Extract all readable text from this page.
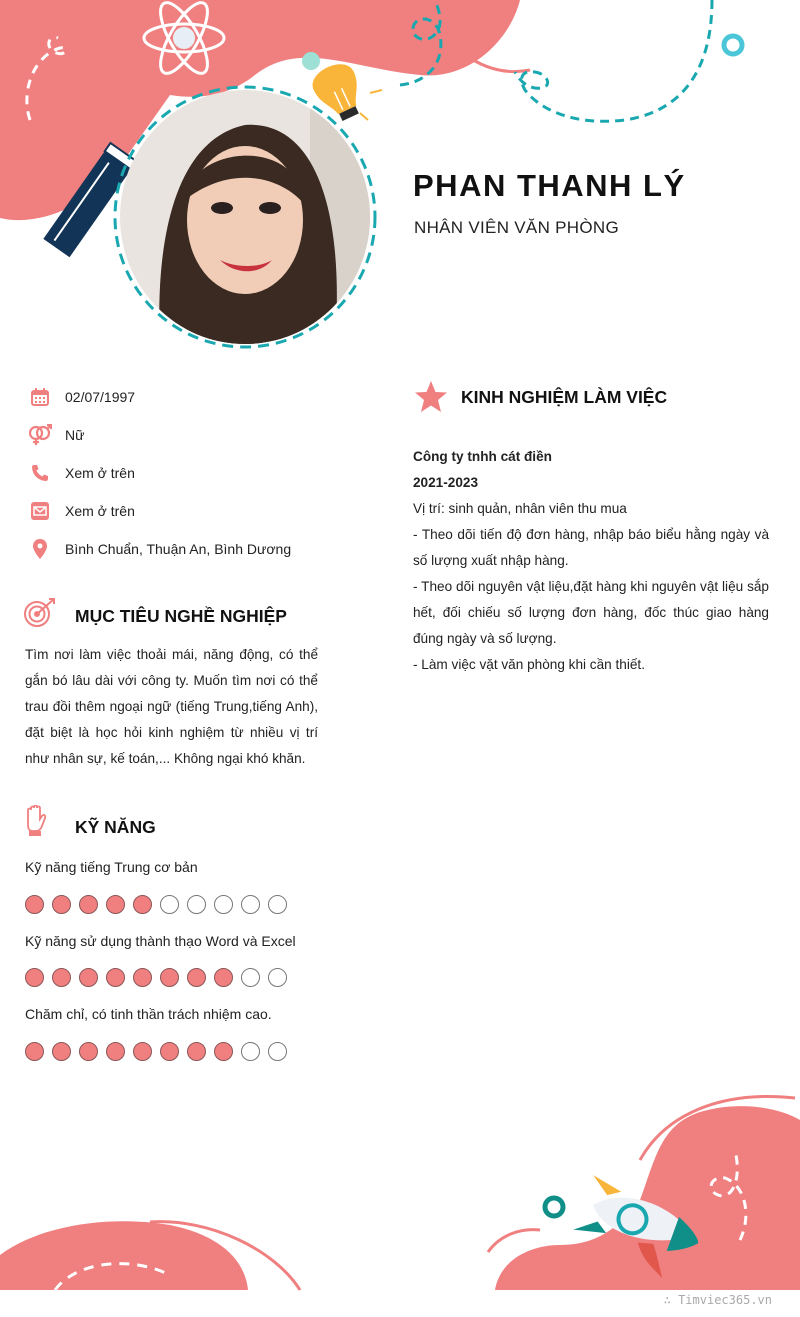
PHAN THANH LÝ
NHÂN VIÊN VĂN PHÒNG
02/07/1997
Nữ
Xem ở trên
Xem ở trên
Bình Chuẩn, Thuận An, Bình Dương
MỤC TIÊU NGHỀ NGHIỆP
Tìm nơi làm việc thoải mái, năng động, có thể gắn bó lâu dài với công ty. Muốn tìm nơi có thể trau đồi thêm ngoại ngữ (tiếng Trung,tiếng Anh), đặt biệt là học hỏi kinh nghiệm từ nhiều vị trí như nhân sự, kế toán,... Không ngại khó khăn.
KỸ NĂNG
Kỹ năng tiếng Trung cơ bản
Kỹ năng sử dụng thành thạo Word và Excel
Chăm chỉ, có tinh thần trách nhiệm cao.
KINH NGHIỆM LÀM VIỆC

Công ty tnhh cát điền

2021-2023

Vị trí: sinh quản, nhân viên thu mua

- Theo dõi tiến độ đơn hàng, nhập báo biểu hằng ngày và số lượng xuất nhập hàng.

- Theo dõi nguyên vật liệu,đặt hàng khi nguyên vật liệu sắp hết, đối chiếu số lượng đơn hàng, đốc thúc giao hàng đúng ngày và số lượng.

- Làm việc vặt văn phòng khi cần thiết.

∴ Timviec365.vn
